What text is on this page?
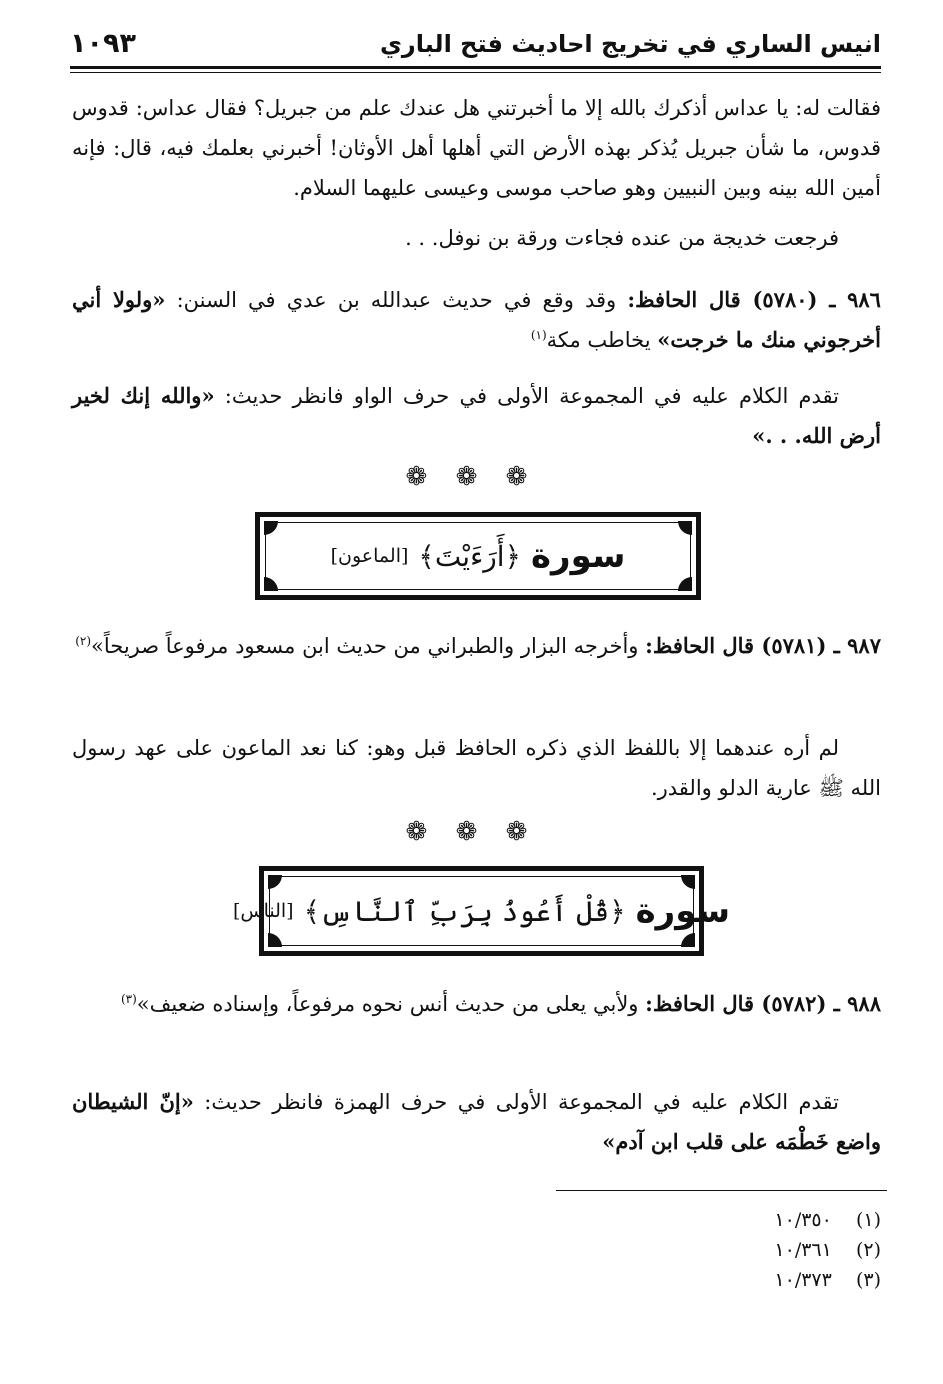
انيس الساري في تخريج احاديث فتح الباري
١٠٩٣
فقالت له: يا عداس أذكرك بالله إلا ما أخبرتني هل عندك علم من جبريل؟ فقال عداس: قدوس قدوس، ما شأن جبريل يُذكر بهذه الأرض التي أهلها أهل الأوثان! أخبرني بعلمك فيه، قال: فإنه أمين الله بينه وبين النبيين وهو صاحب موسى وعيسى عليهما السلام.
فرجعت خديجة من عنده فجاءت ورقة بن نوفل. . .
٩٨٦ ـ (٥٧٨٠) قال الحافظ: وقد وقع في حديث عبدالله بن عدي في السنن: «ولولا أني أخرجوني منك ما خرجت» يخاطب مكة$^{(١)}$
تقدم الكلام عليه في المجموعة الأولى في حرف الواو فانظر حديث: «والله إنك لخير أرض الله. . .»
❁ ❁ ❁
سورة
﴿أَرَءَيْتَ﴾
[الماعون]
٩٨٧ ـ (٥٧٨١) قال الحافظ: وأخرجه البزار والطبراني من حديث ابن مسعود مرفوعاً صريحاً»$^{(٢)}$
لم أره عندهما إلا باللفظ الذي ذكره الحافظ قبل وهو: كنا نعد الماعون على عهد رسول الله ﷺ عارية الدلو والقدر.
❁ ❁ ❁
سورة
﴿قُلْ أَعُوذُ بِرَبِّ ٱلنَّاسِ﴾
[الناس]
٩٨٨ ـ (٥٧٨٢) قال الحافظ: ولأبي يعلى من حديث أنس نحوه مرفوعاً، وإسناده ضعيف»$^{(٣)}$
تقدم الكلام عليه في المجموعة الأولى في حرف الهمزة فانظر حديث: «إنّ الشيطان واضع خَطْمَه على قلب ابن آدم»
(١)  ١٠/٣٥٠
(٢)  ١٠/٣٦١
(٣)  ١٠/٣٧٣
